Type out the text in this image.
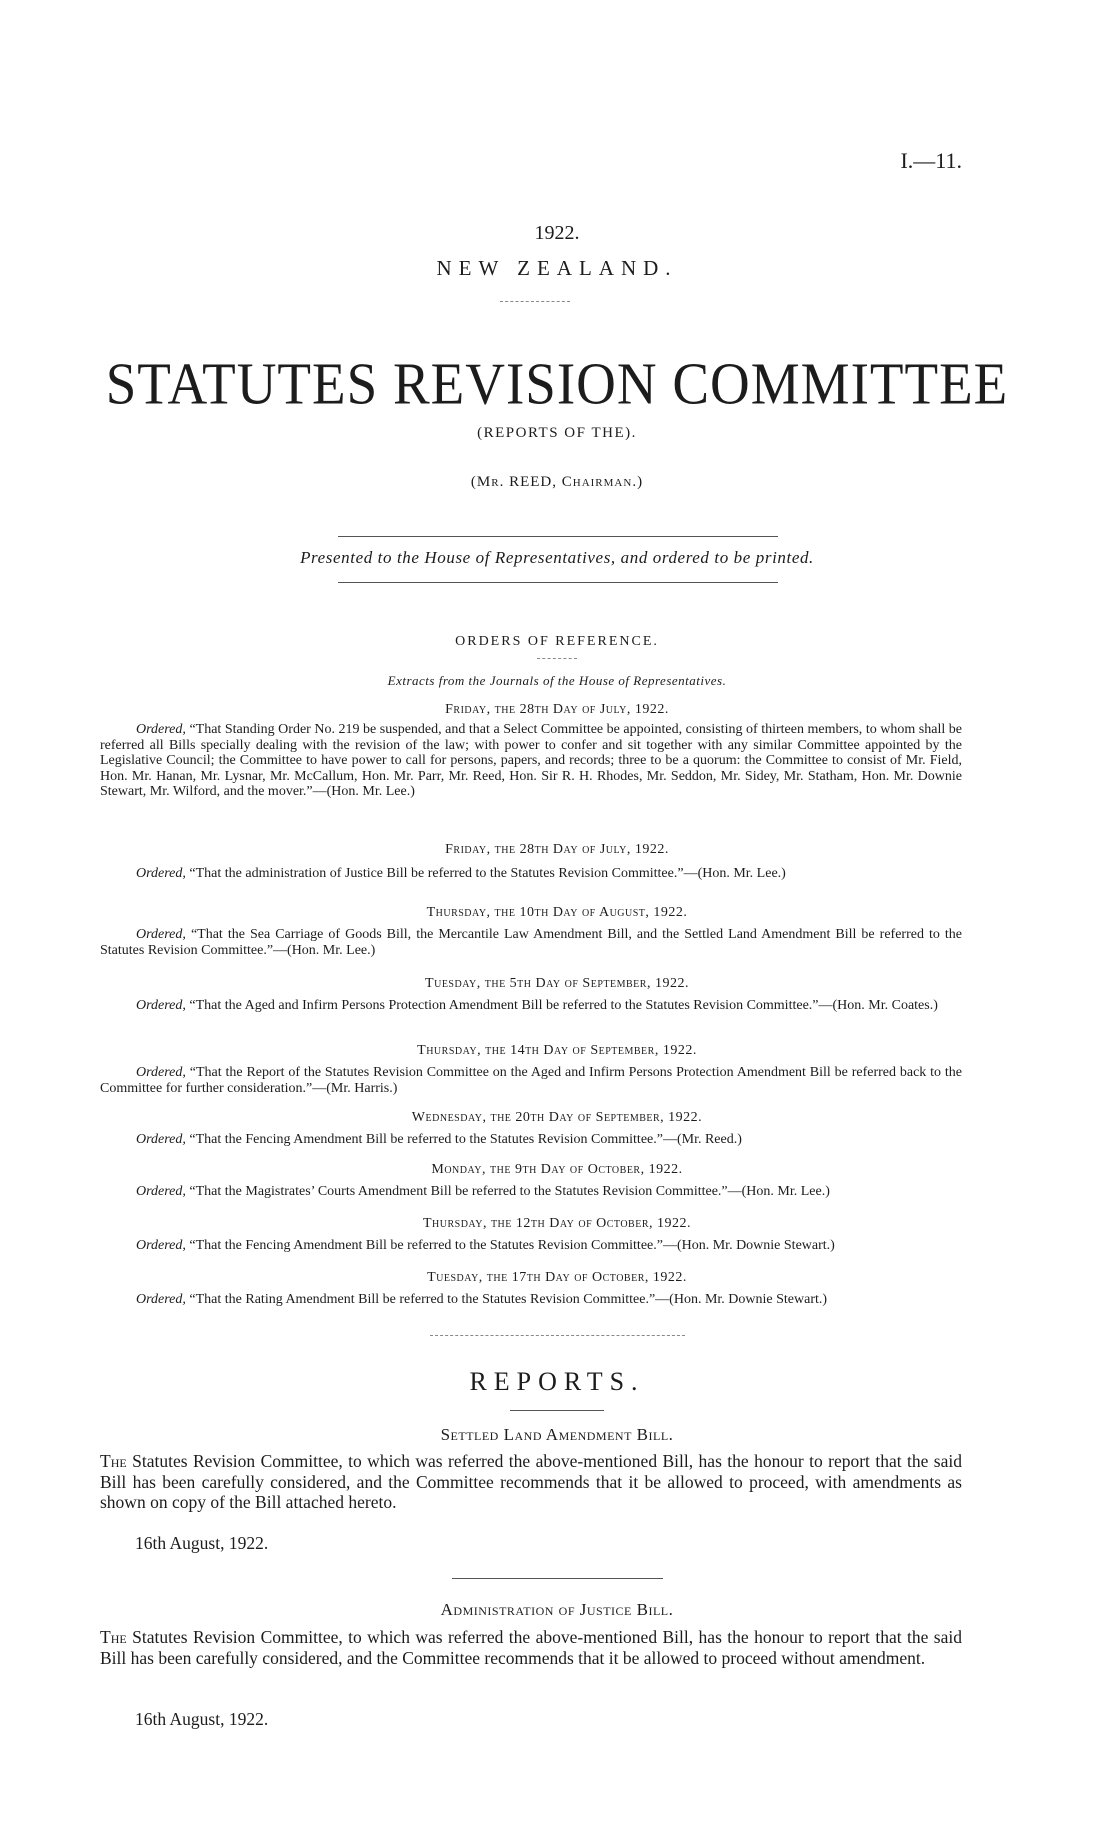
I.—11.
1922.
NEW ZEALAND.
STATUTES REVISION COMMITTEE
(REPORTS OF THE).
(Mr. REED, Chairman.)
Presented to the House of Representatives, and ordered to be printed.
ORDERS OF REFERENCE.
Extracts from the Journals of the House of Representatives.
Friday, the 28th Day of July, 1922.
Ordered, “That Standing Order No. 219 be suspended, and that a Select Committee be appointed, consisting of thirteen members, to whom shall be referred all Bills specially dealing with the revision of the law; with power to confer and sit together with any similar Committee appointed by the Legislative Council; the Committee to have power to call for persons, papers, and records; three to be a quorum: the Committee to consist of Mr. Field, Hon. Mr. Hanan, Mr. Lysnar, Mr. McCallum, Hon. Mr. Parr, Mr. Reed, Hon. Sir R. H. Rhodes, Mr. Seddon, Mr. Sidey, Mr. Statham, Hon. Mr. Downie Stewart, Mr. Wilford, and the mover.”—(Hon. Mr. Lee.)
Friday, the 28th Day of July, 1922.
Ordered, “That the administration of Justice Bill be referred to the Statutes Revision Committee.”—(Hon. Mr. Lee.)
Thursday, the 10th Day of August, 1922.
Ordered, “That the Sea Carriage of Goods Bill, the Mercantile Law Amendment Bill, and the Settled Land Amendment Bill be referred to the Statutes Revision Committee.”—(Hon. Mr. Lee.)
Tuesday, the 5th Day of September, 1922.
Ordered, “That the Aged and Infirm Persons Protection Amendment Bill be referred to the Statutes Revision Committee.”—(Hon. Mr. Coates.)
Thursday, the 14th Day of September, 1922.
Ordered, “That the Report of the Statutes Revision Committee on the Aged and Infirm Persons Protection Amendment Bill be referred back to the Committee for further consideration.”—(Mr. Harris.)
Wednesday, the 20th Day of September, 1922.
Ordered, “That the Fencing Amendment Bill be referred to the Statutes Revision Committee.”—(Mr. Reed.)
Monday, the 9th Day of October, 1922.
Ordered, “That the Magistrates’ Courts Amendment Bill be referred to the Statutes Revision Committee.”—(Hon. Mr. Lee.)
Thursday, the 12th Day of October, 1922.
Ordered, “That the Fencing Amendment Bill be referred to the Statutes Revision Committee.”—(Hon. Mr. Downie Stewart.)
Tuesday, the 17th Day of October, 1922.
Ordered, “That the Rating Amendment Bill be referred to the Statutes Revision Committee.”—(Hon. Mr. Downie Stewart.)
REPORTS.
Settled Land Amendment Bill.
The Statutes Revision Committee, to which was referred the above-mentioned Bill, has the honour to report that the said Bill has been carefully considered, and the Committee recommends that it be allowed to proceed, with amendments as shown on copy of the Bill attached hereto.
16th August, 1922.
Administration of Justice Bill.
The Statutes Revision Committee, to which was referred the above-mentioned Bill, has the honour to report that the said Bill has been carefully considered, and the Committee recommends that it be allowed to proceed without amendment.
16th August, 1922.
